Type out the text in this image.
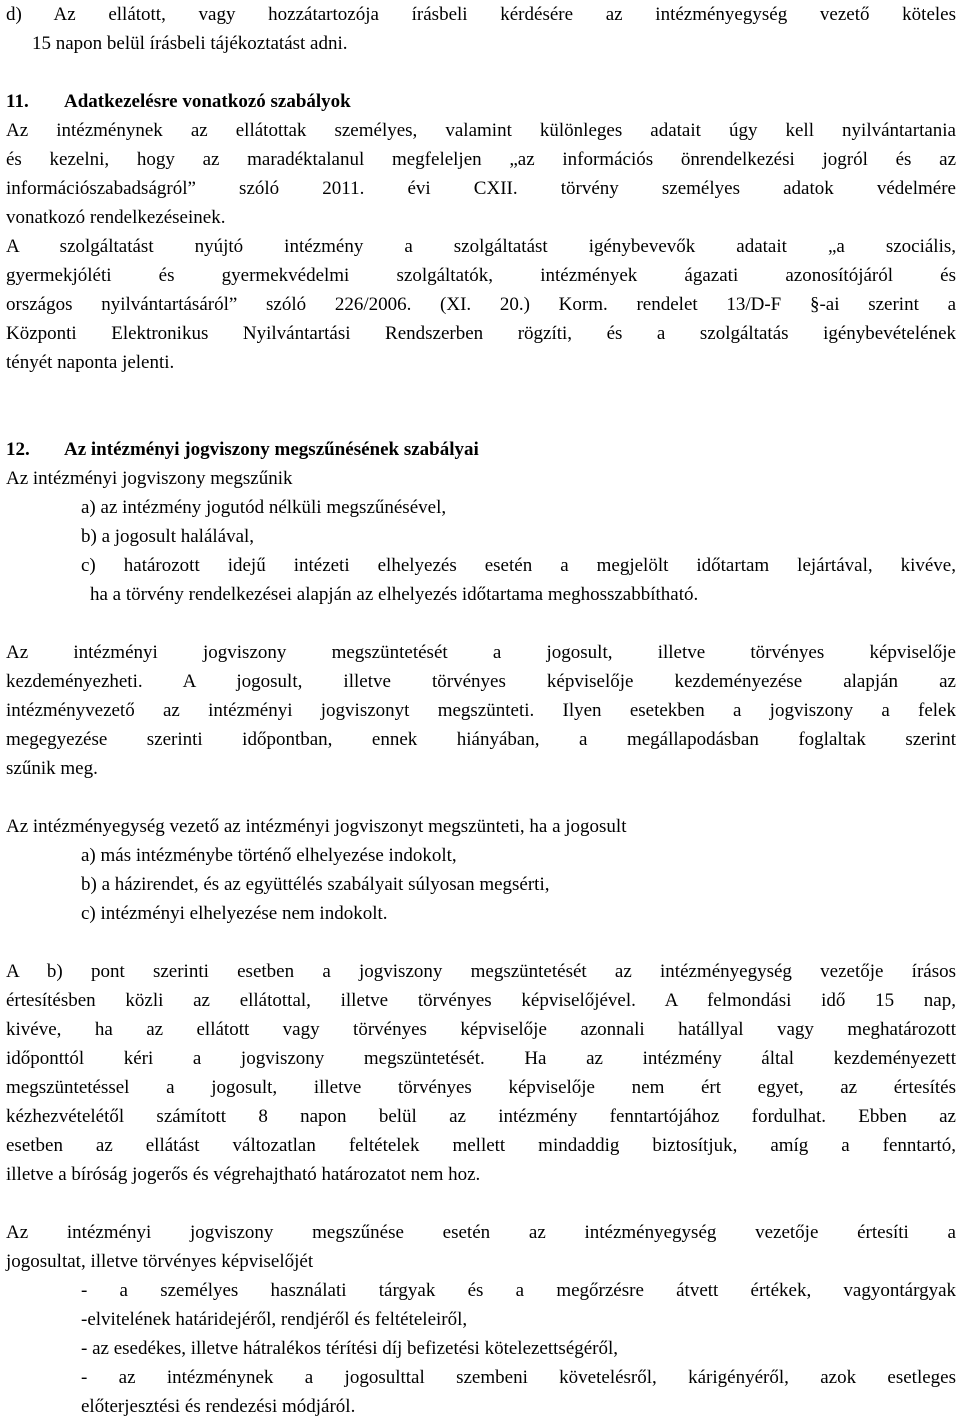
d) Az ellátott, vagy hozzátartozója írásbeli kérdésére az intézményegység vezető köteles
15 napon belül írásbeli tájékoztatást adni.
11. Adatkezelésre vonatkozó szabályok
Az intézménynek az ellátottak személyes, valamint különleges adatait úgy kell nyilvántartania
és kezelni, hogy az maradéktalanul megfeleljen „az információs önrendelkezési jogról és az
információszabadságról” szóló 2011. évi CXII. törvény személyes adatok védelmére
vonatkozó rendelkezéseinek.
A szolgáltatást nyújtó intézmény a szolgáltatást igénybevevők adatait „a szociális,
gyermekjóléti és gyermekvédelmi szolgáltatók, intézmények ágazati azonosítójáról és
országos nyilvántartásáról” szóló 226/2006. (XI. 20.) Korm. rendelet 13/D-F §-ai szerint a
Központi Elektronikus Nyilvántartási Rendszerben rögzíti, és a szolgáltatás igénybevételének
tényét naponta jelenti.
12. Az intézményi jogviszony megszűnésének szabályai
Az intézményi jogviszony megszűnik
a) az intézmény jogutód nélküli megszűnésével,
b) a jogosult halálával,
c) határozott idejű intézeti elhelyezés esetén a megjelölt időtartam lejártával, kivéve,
ha a törvény rendelkezései alapján az elhelyezés időtartama meghosszabbítható.
Az intézményi jogviszony megszüntetését a jogosult, illetve törvényes képviselője
kezdeményezheti. A jogosult, illetve törvényes képviselője kezdeményezése alapján az
intézményvezető az intézményi jogviszonyt megszünteti. Ilyen esetekben a jogviszony a felek
megegyezése szerinti időpontban, ennek hiányában, a megállapodásban foglaltak szerint
szűnik meg.
Az intézményegység vezető az intézményi jogviszonyt megszünteti, ha a jogosult
a) más intézménybe történő elhelyezése indokolt,
b) a házirendet, és az együttélés szabályait súlyosan megsérti,
c) intézményi elhelyezése nem indokolt.
A b) pont szerinti esetben a jogviszony megszüntetését az intézményegység vezetője írásos
értesítésben közli az ellátottal, illetve törvényes képviselőjével. A felmondási idő 15 nap,
kivéve, ha az ellátott vagy törvényes képviselője azonnali hatállyal vagy meghatározott
időponttól kéri a jogviszony megszüntetését. Ha az intézmény által kezdeményezett
megszüntetéssel a jogosult, illetve törvényes képviselője nem ért egyet, az értesítés
kézhezvételétől számított 8 napon belül az intézmény fenntartójához fordulhat. Ebben az
esetben az ellátást változatlan feltételek mellett mindaddig biztosítjuk, amíg a fenntartó,
illetve a bíróság jogerős és végrehajtható határozatot nem hoz.
Az intézményi jogviszony megszűnése esetén az intézményegység vezetője értesíti a
jogosultat, illetve törvényes képviselőjét
- a személyes használati tárgyak és a megőrzésre átvett értékek, vagyontárgyak
-elvitelének határidejéről, rendjéről és feltételeiről,
- az esedékes, illetve hátralékos térítési díj befizetési kötelezettségéről,
- az intézménynek a jogosulttal szembeni követelésről, kárigényéről, azok esetleges
előterjesztési és rendezési módjáról.
